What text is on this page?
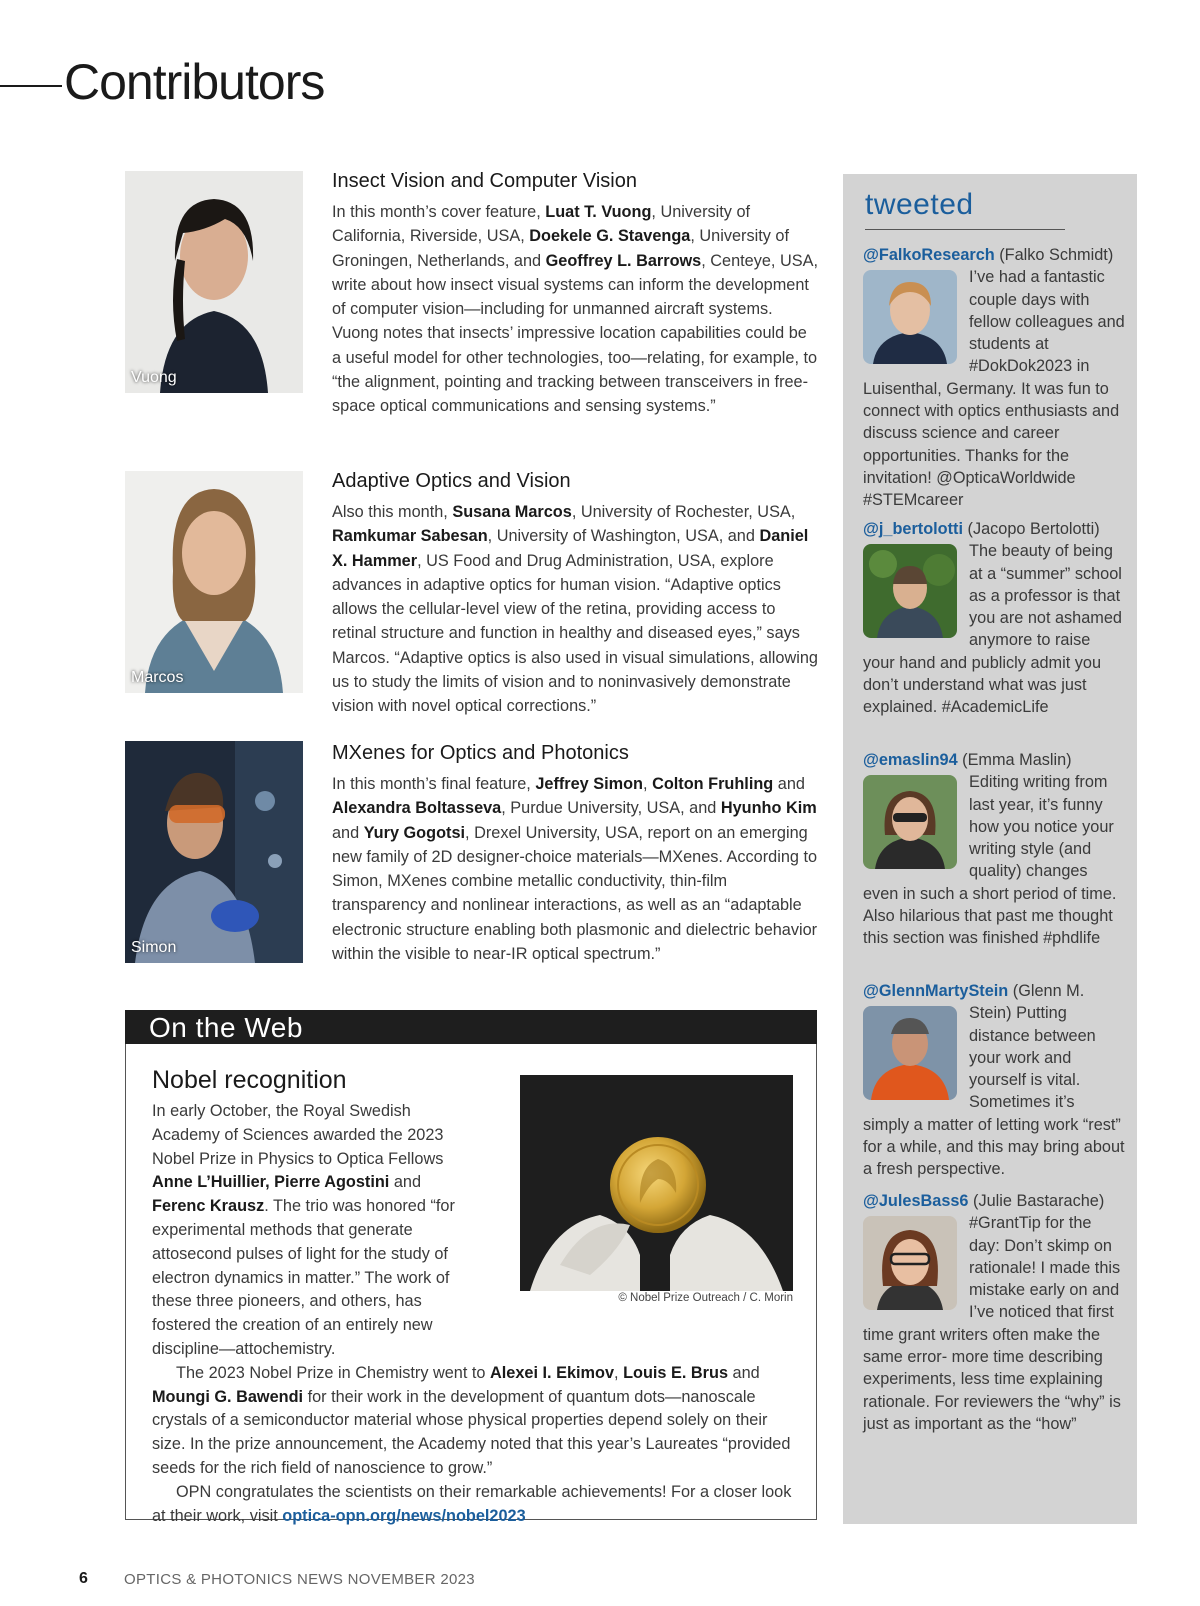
Contributors
Vuong
Marcos
Simon
Insect Vision and Computer Vision

In this month’s cover feature, Luat T. Vuong, University of California, Riverside, USA, Doekele G. Stavenga, University of Groningen, Netherlands, and Geoffrey L. Barrows, Centeye, USA, write about how insect visual systems can inform the development of computer vision—including for unmanned aircraft systems. Vuong notes that insects’ impressive location capabilities could be a useful model for other technologies, too—relating, for example, to “the alignment, pointing and tracking between transceivers in free-space optical communications and sensing systems.”

Adaptive Optics and Vision

Also this month, Susana Marcos, University of Rochester, USA, Ramkumar Sabesan, University of Washington, USA, and Daniel X. Hammer, US Food and Drug Administration, USA, explore advances in adaptive optics for human vision. “Adaptive optics allows the cellular-level view of the retina, providing access to retinal structure and function in healthy and diseased eyes,” says Marcos. “Adaptive optics is also used in visual simulations, allowing us to study the limits of vision and to noninvasively demonstrate vision with novel optical corrections.”

MXenes for Optics and Photonics

In this month’s final feature, Jeffrey Simon, Colton Fruhling and Alexandra Boltasseva, Purdue University, USA, and Hyunho Kim and Yury Gogotsi, Drexel University, USA, report on an emerging new family of 2D designer-choice materials—MXenes. According to Simon, MXenes combine metallic conductivity, thin-film transparency and nonlinear interactions, as well as an “adaptable electronic structure enabling both plasmonic and dielectric behavior within the visible to near-IR optical spectrum.”

tweeted
@FalkoResearch (Falko Schmidt)
I’ve had a fantastic couple days with fellow colleagues and students at #DokDok2023 in Luisenthal, Germany. It was fun to connect with optics enthusiasts and discuss science and career opportunities. Thanks for the invitation! @OpticaWorldwide #STEMcareer
@j_bertolotti (Jacopo Bertolotti)
The beauty of being at a “summer” school as a professor is that you are not ashamed anymore to raise your hand and publicly admit you don’t understand what was just explained. #AcademicLife
@emaslin94 (Emma Maslin)
Editing writing from last year, it’s funny how you notice your writing style (and quality) changes even in such a short period of time. Also hilarious that past me thought this section was finished #phdlife
@GlennMartyStein (Glenn M. Stein)
Putting distance between your work and yourself is vital. Sometimes it’s simply a matter of letting work “rest” for a while, and this may bring about a fresh perspective.
@JulesBass6 (Julie Bastarache)
#GrantTip for the day: Don’t skimp on rationale! I made this mistake early on and I’ve noticed that first time grant writers often make the same error- more time describing experiments, less time explaining rationale. For reviewers the “why” is just as important as the “how”
On the Web
Nobel recognition

In early October, the Royal Swedish Academy of Sciences awarded the 2023 Nobel Prize in Physics to Optica Fellows Anne L’Huillier, Pierre Agostini and Ferenc Krausz. The trio was honored “for experimental methods that generate attosecond pulses of light for the study of electron dynamics in matter.” The work of these three pioneers, and others, has fostered the creation of an entirely new discipline—attochemistry.

The 2023 Nobel Prize in Chemistry went to Alexei I. Ekimov, Louis E. Brus and Moungi G. Bawendi for their work in the development of quantum dots—nanoscale crystals of a semiconductor material whose physical properties depend solely on their size. In the prize announcement, the Academy noted that this year’s Laureates “provided seeds for the rich field of nanoscience to grow.”

OPN congratulates the scientists on their remarkable achievements! For a closer look at their work, visit optica-opn.org/news/nobel2023

© Nobel Prize Outreach / C. Morin
6 OPTICS & PHOTONICS NEWS NOVEMBER 2023
